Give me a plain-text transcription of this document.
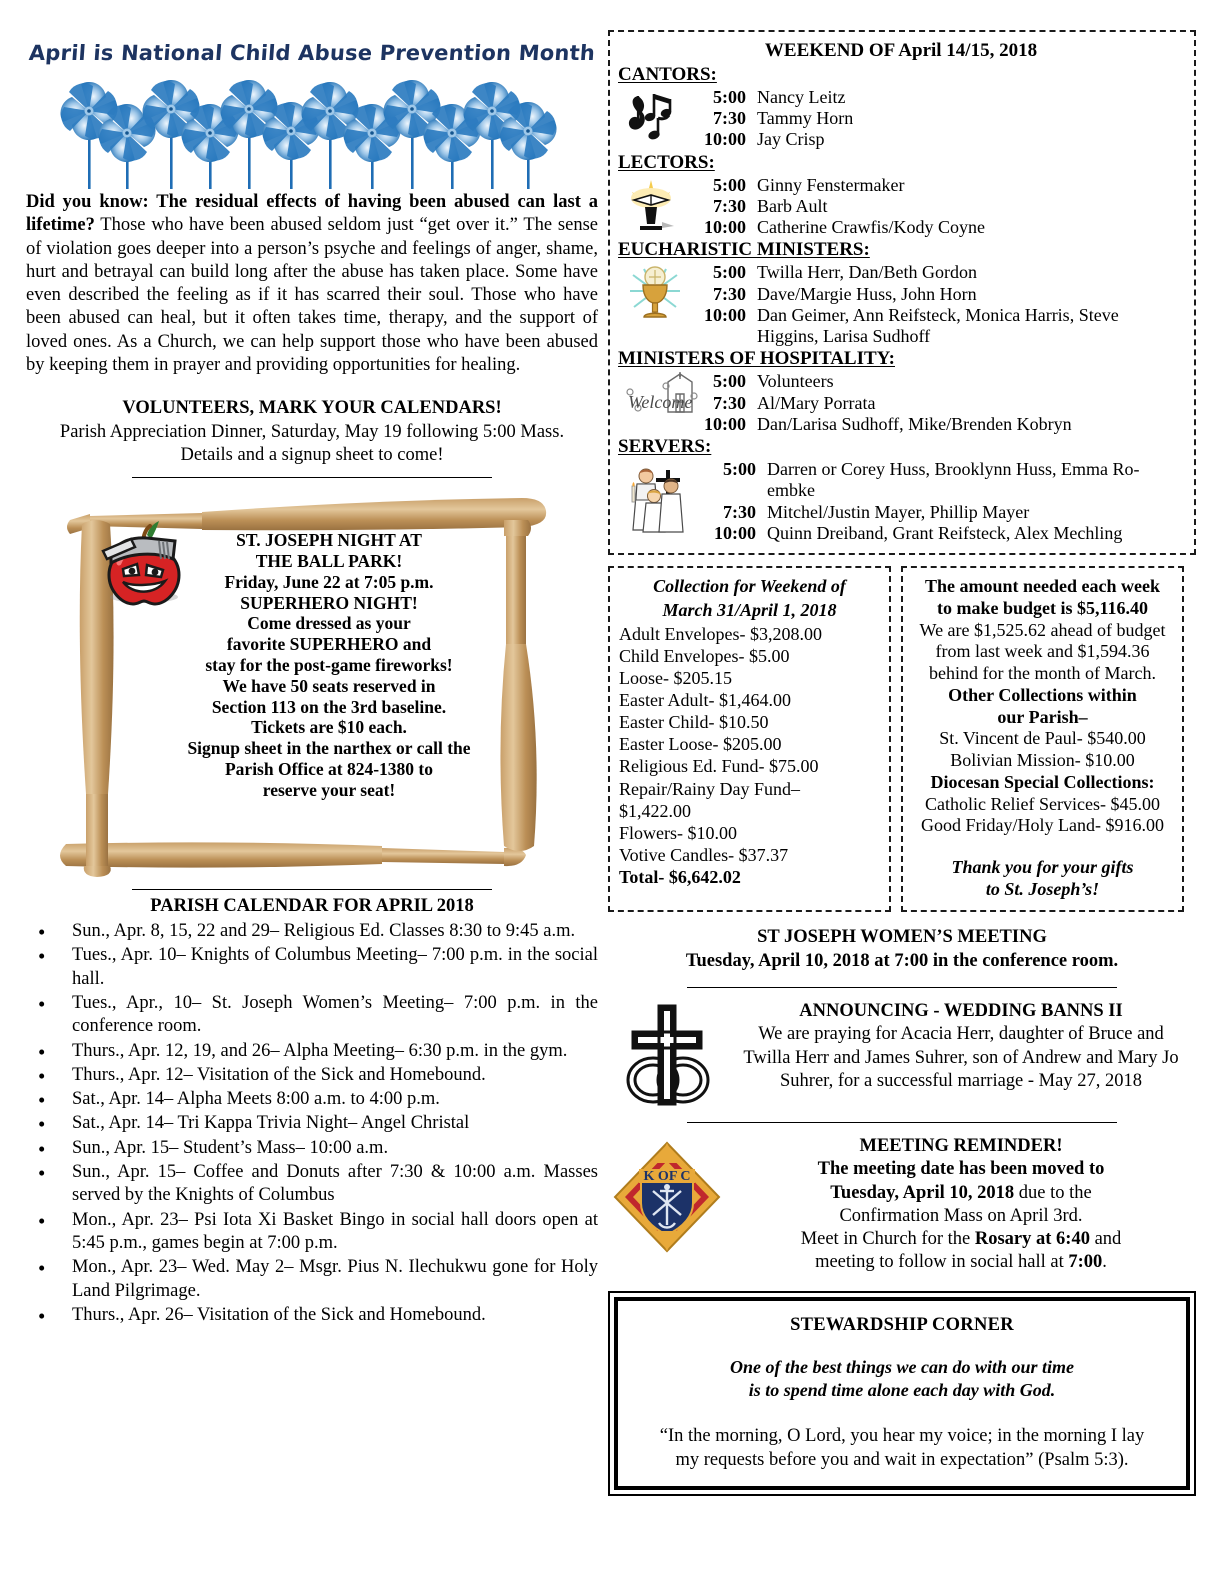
April is National Child Abuse Prevention Month

Did you know: The residual effects of having been abused can last a lifetime? Those who have been abused seldom just “get over it.” The sense of violation goes deeper into a person’s psyche and feelings of anger, shame, hurt and betrayal can build long after the abuse has taken place. Some have even described the feeling as if it has scarred their soul. Those who have been abused can heal, but it often takes time, therapy, and the support of loved ones. As a Church, we can help support those who have been abused by keeping them in prayer and providing opportunities for healing.

VOLUNTEERS, MARK YOUR CALENDARS!
Parish Appreciation Dinner, Saturday, May 19 following 5:00 Mass.
Details and a signup sheet to come!
ST. JOSEPH NIGHT AT
THE BALL PARK!
Friday, June 22 at 7:05 p.m.
SUPERHERO NIGHT!
Come dressed as your
favorite SUPERHERO and
stay for the post-game fireworks!
We have 50 seats reserved in
Section 113 on the 3rd baseline.
Tickets are $10 each.
Signup sheet in the narthex or call the
Parish Office at 824-1380 to
reserve your seat!
PARISH CALENDAR FOR APRIL 2018
• Sun., Apr. 8, 15, 22 and 29– Religious Ed. Classes 8:30 to 9:45 a.m.
• Tues., Apr. 10– Knights of Columbus Meeting– 7:00 p.m. in the social hall.
• Tues., Apr., 10– St. Joseph Women’s Meeting– 7:00 p.m. in the conference room.
• Thurs., Apr. 12, 19, and 26– Alpha Meeting– 6:30 p.m. in the gym.
• Thurs., Apr. 12– Visitation of the Sick and Homebound.
• Sat., Apr. 14– Alpha Meets 8:00 a.m. to 4:00 p.m.
• Sat., Apr. 14– Tri Kappa Trivia Night– Angel Christal
• Sun., Apr. 15– Student’s Mass– 10:00 a.m.
• Sun., Apr. 15– Coffee and Donuts after 7:30 & 10:00 a.m. Masses served by the Knights of Columbus
• Mon., Apr. 23– Psi Iota Xi Basket Bingo in social hall doors open at 5:45 p.m., games begin at 7:00 p.m.
• Mon., Apr. 23– Wed. May 2– Msgr. Pius N. Ilechukwu gone for Holy Land Pilgrimage.
• Thurs., Apr. 26– Visitation of the Sick and Homebound.
WEEKEND OF April 14/15, 2018
CANTORS:
5:00 Nancy Leitz
7:30 Tammy Horn
10:00 Jay Crisp
LECTORS:
5:00 Ginny Fenstermaker
7:30 Barb Ault
10:00 Catherine Crawfis/Kody Coyne
EUCHARISTIC MINISTERS:
5:00 Twilla Herr, Dan/Beth Gordon
7:30 Dave/Margie Huss, John Horn
10:00 Dan Geimer, Ann Reifsteck, Monica Harris, Steve
Higgins, Larisa Sudhoff
MINISTERS OF HOSPITALITY:
Welcome
5:00 Volunteers
7:30 Al/Mary Porrata
10:00 Dan/Larisa Sudhoff, Mike/Brenden Kobryn
SERVERS:
5:00 Darren or Corey Huss, Brooklynn Huss, Emma Ro-
embke
7:30 Mitchel/Justin Mayer, Phillip Mayer
10:00 Quinn Dreiband, Grant Reifsteck, Alex Mechling
Collection for Weekend of
March 31/April 1, 2018
Adult Envelopes- $3,208.00
Child Envelopes- $5.00
Loose- $205.15
Easter Adult- $1,464.00
Easter Child- $10.50
Easter Loose- $205.00
Religious Ed. Fund- $75.00
Repair/Rainy Day Fund–
$1,422.00
Flowers- $10.00
Votive Candles- $37.37
Total- $6,642.02
The amount needed each week
to make budget is $5,116.40
We are $1,525.62 ahead of budget
from last week and $1,594.36
behind for the month of March.
Other Collections within
our Parish–
St. Vincent de Paul- $540.00
Bolivian Mission- $10.00
Diocesan Special Collections:
Catholic Relief Services- $45.00
Good Friday/Holy Land- $916.00
Thank you for your gifts
to St. Joseph’s!
ST JOSEPH WOMEN’S MEETING
Tuesday, April 10, 2018 at 7:00 in the conference room.
ANNOUNCING - WEDDING BANNS II
We are praying for Acacia Herr, daughter of Bruce and
Twilla Herr and James Suhrer, son of Andrew and Mary Jo
Suhrer, for a successful marriage - May 27, 2018
K OF C
MEETING REMINDER!
The meeting date has been moved to
Tuesday, April 10, 2018 due to the
Confirmation Mass on April 3rd.
Meet in Church for the Rosary at 6:40 and
meeting to follow in social hall at 7:00.
STEWARDSHIP CORNER
One of the best things we can do with our time
is to spend time alone each day with God.
“In the morning, O Lord, you hear my voice; in the morning I lay
my requests before you and wait in expectation” (Psalm 5:3).
